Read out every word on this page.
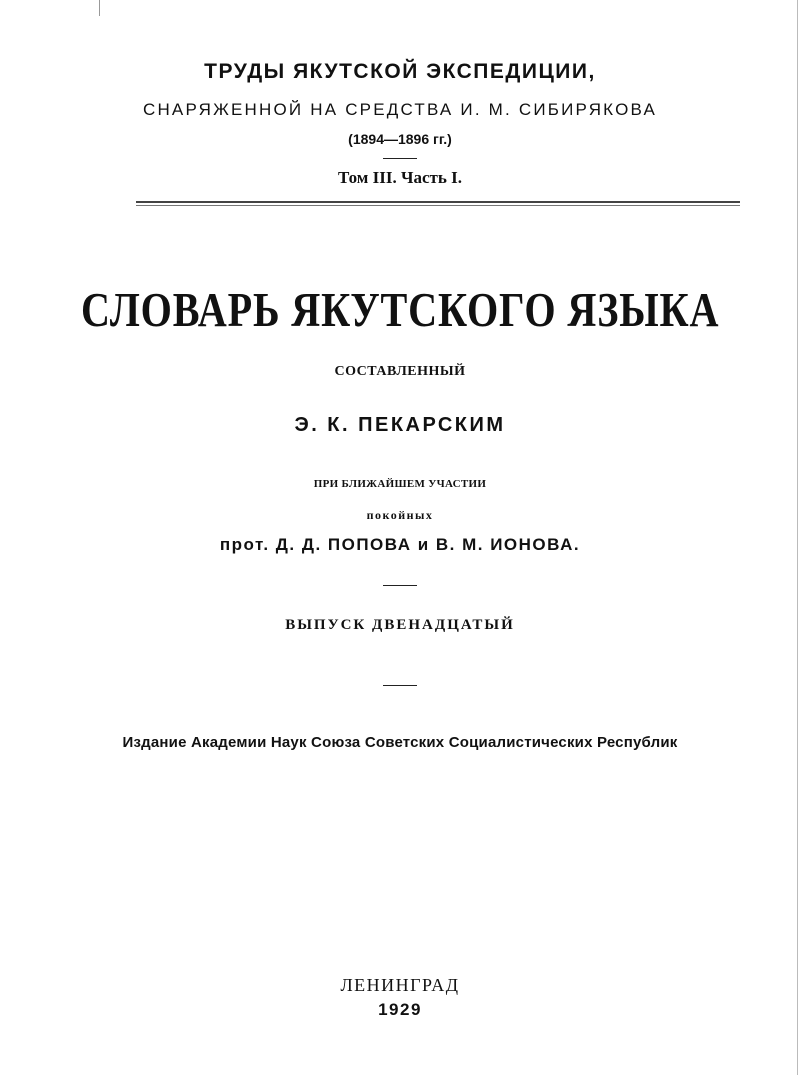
ТРУДЫ ЯКУТСКОЙ ЭКСПЕДИЦИИ,
СНАРЯЖЕННОЙ НА СРЕДСТВА И. М. СИБИРЯКОВА
(1894—1896 гг.)
Том III. Часть I.
СЛОВАРЬ ЯКУТСКОГО ЯЗЫКА
СОСТАВЛЕННЫЙ
Э. К. ПЕКАРСКИМ
ПРИ БЛИЖАЙШЕМ УЧАСТИИ
покойных
прот. Д. Д. ПОПОВА и В. М. ИОНОВА.
ВЫПУСК ДВЕНАДЦАТЫЙ
Издание Академии Наук Союза Советских Социалистических Республик
ЛЕНИНГРАД
1929
